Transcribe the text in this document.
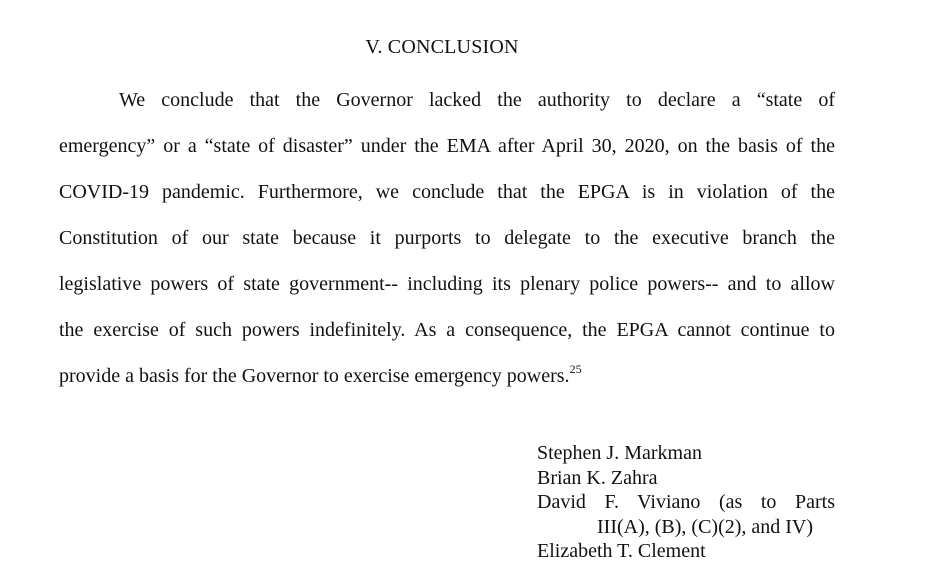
V. CONCLUSION
We conclude that the Governor lacked the authority to declare a “state of
emergency” or a “state of disaster” under the EMA after April 30, 2020, on the basis of the
COVID-19 pandemic. Furthermore, we conclude that the EPGA is in violation of the
Constitution of our state because it purports to delegate to the executive branch the
legislative powers of state government-- including its plenary police powers-- and to allow
the exercise of such powers indefinitely. As a consequence, the EPGA cannot continue to
provide a basis for the Governor to exercise emergency powers.$^{25}$
Stephen J. Markman
Brian K. Zahra
David F. Viviano (as to Parts
III(A), (B), (C)(2), and IV)
Elizabeth T. Clement
